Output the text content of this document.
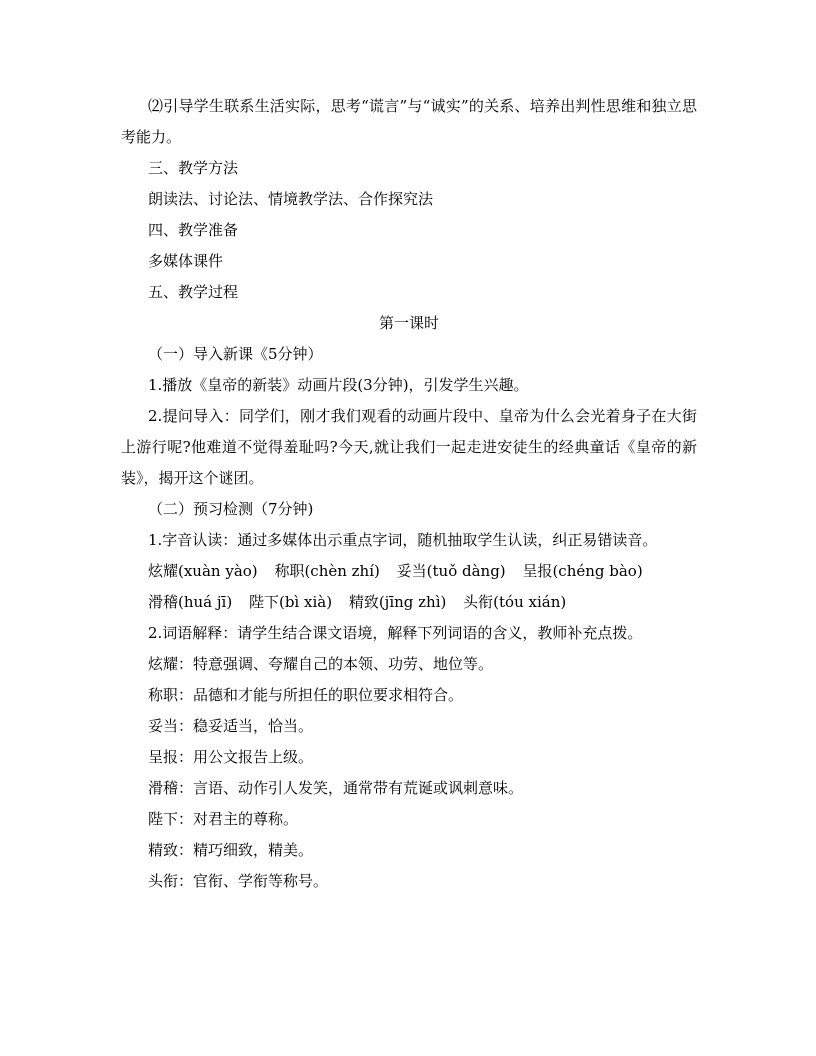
⑵引导学生联系生活实际，思考“谎言”与“诚实”的关系、培养出判性思维和独立思考能力。

三、教学方法

朗读法、讨论法、情境教学法、合作探究法

四、教学准备

多媒体课件

五、教学过程

第一课时

（一）导入新课《5分钟）

1.播放《皇帝的新装》动画片段(3分钟)，引发学生兴趣。

2.提问导入：同学们，刚才我们观看的动画片段中、皇帝为什么会光着身子在大街上游行呢?他难道不觉得羞耻吗?今天,就让我们一起走进安徒生的经典童话《皇帝的新装》，揭开这个谜团。

（二）预习检测（7分钟)

1.字音认读：通过多媒体出示重点字词，随机抽取学生认读，纠正易错读音。

炫耀(xuàn yào) 称职(chèn zhí) 妥当(tuǒ dàng) 呈报(chéng bào)
滑稽(huá jī) 陛下(bì xià) 精致(jīng zhì) 头衔(tóu xián)

2.词语解释：请学生结合课文语境，解释下列词语的含义，教师补充点拨。

炫耀：特意强调、夸耀自己的本领、功劳、地位等。

称职：品德和才能与所担任的职位要求相符合。

妥当：稳妥适当，恰当。

呈报：用公文报告上级。

滑稽：言语、动作引人发笑，通常带有荒诞或讽刺意味。

陛下：对君主的尊称。

精致：精巧细致，精美。

头衔：官衔、学衔等称号。
